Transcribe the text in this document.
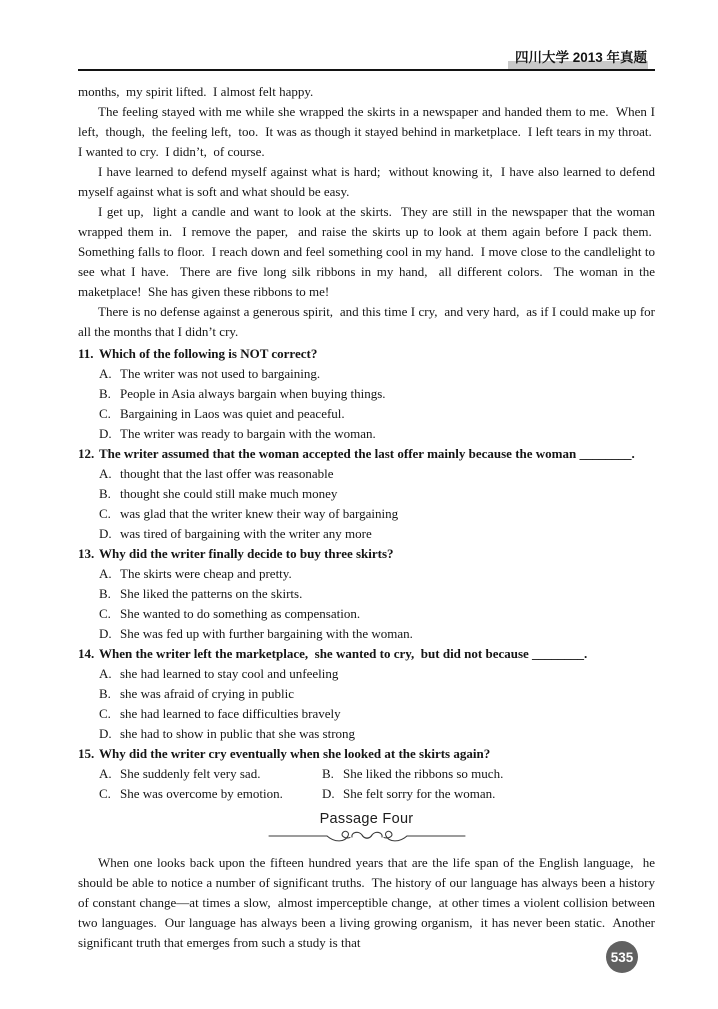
四川大学 2013 年真题

months,  my spirit lifted.  I almost felt happy.

The feeling stayed with me while she wrapped the skirts in a newspaper and handed them to me.  When I left,  though,  the feeling left,  too.  It was as though it stayed behind in marketplace.  I left tears in my throat.  I wanted to cry.  I didn’t,  of course.

I have learned to defend myself against what is hard;  without knowing it,  I have also learned to defend myself against what is soft and what should be easy.

I get up,  light a candle and want to look at the skirts.  They are still in the newspaper that the woman wrapped them in.  I remove the paper,  and raise the skirts up to look at them again before I pack them.  Something falls to floor.  I reach down and feel something cool in my hand.  I move close to the candlelight to see what I have.  There are five long silk ribbons in my hand,  all different colors.  The woman in the maketplace!  She has given these ribbons to me!

There is no defense against a generous spirit,  and this time I cry,  and very hard,  as if I could make up for all the months that I didn’t cry.

11. Which of the following is NOT correct?
A. The writer was not used to bargaining.
B. People in Asia always bargain when buying things.
C. Bargaining in Laos was quiet and peaceful.
D. The writer was ready to bargain with the woman.
12. The writer assumed that the woman accepted the last offer mainly because the woman ________.
A. thought that the last offer was reasonable
B. thought she could still make much money
C. was glad that the writer knew their way of bargaining
D. was tired of bargaining with the writer any more
13. Why did the writer finally decide to buy three skirts?
A. The skirts were cheap and pretty.
B. She liked the patterns on the skirts.
C. She wanted to do something as compensation.
D. She was fed up with further bargaining with the woman.
14. When the writer left the marketplace,  she wanted to cry,  but did not because ________.
A. she had learned to stay cool and unfeeling
B. she was afraid of crying in public
C. she had learned to face difficulties bravely
D. she had to show in public that she was strong
15. Why did the writer cry eventually when she looked at the skirts again?
A. She suddenly felt very sad.	B. She liked the ribbons so much.
C. She was overcome by emotion.	D. She felt sorry for the woman.
Passage Four

When one looks back upon the fifteen hundred years that are the life span of the English language,  he should be able to notice a number of significant truths.  The history of our language has always been a history of constant change—at times a slow,  almost imperceptible change,  at other times a violent collision between two languages.  Our language has always been a living growing organism,  it has never been static.  Another significant truth that emerges from such a study is that

535
